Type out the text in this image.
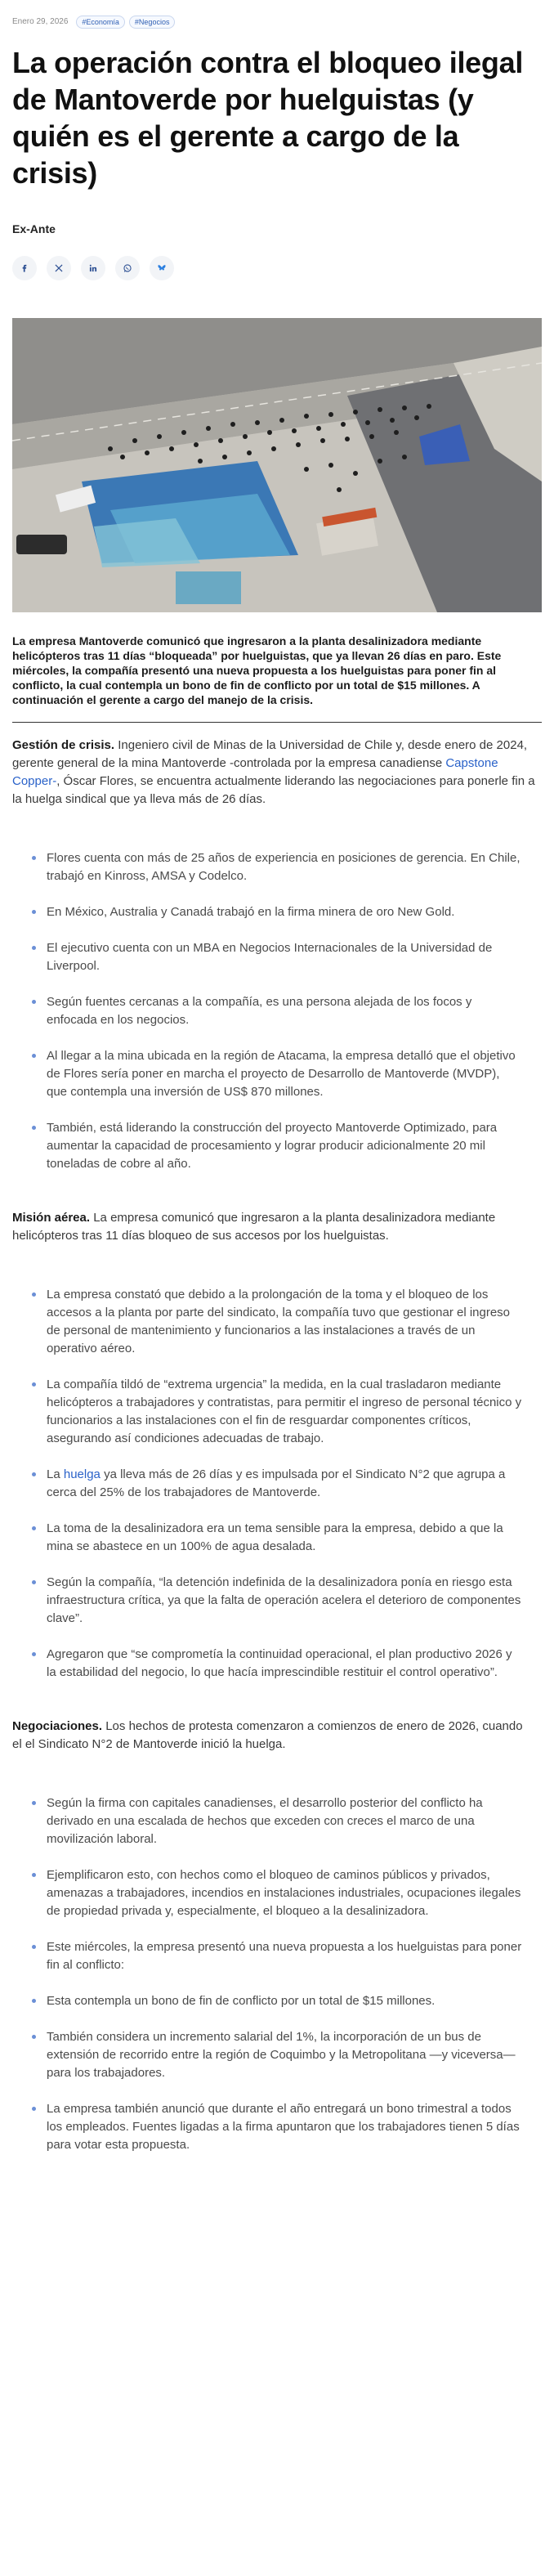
Enero 29, 2026	#Economía	#Negocios
La operación contra el bloqueo ilegal de Mantoverde por huelguistas (y quién es el gerente a cargo de la crisis)
Ex-Ante

La empresa Mantoverde comunicó que ingresaron a la planta desalinizadora mediante helicópteros tras 11 días “bloqueada” por huelguistas, que ya llevan 26 días en paro. Este miércoles, la compañía presentó una nueva propuesta a los huelguistas para poner fin al conflicto, la cual contempla un bono de fin de conflicto por un total de $15 millones. A continuación el gerente a cargo del manejo de la crisis.

Gestión de crisis. Ingeniero civil de Minas de la Universidad de Chile y, desde enero de 2024, gerente general de la mina Mantoverde -controlada por la empresa canadiense Capstone Copper-, Óscar Flores, se encuentra actualmente liderando las negociaciones para ponerle fin a la huelga sindical que ya lleva más de 26 días.

Flores cuenta con más de 25 años de experiencia en posiciones de gerencia. En Chile, trabajó en Kinross, AMSA y Codelco.
En México, Australia y Canadá trabajó en la firma minera de oro New Gold.
El ejecutivo cuenta con un MBA en Negocios Internacionales de la Universidad de Liverpool.
Según fuentes cercanas a la compañía, es una persona alejada de los focos y enfocada en los negocios.
Al llegar a la mina ubicada en la región de Atacama, la empresa detalló que el objetivo de Flores sería poner en marcha el proyecto de Desarrollo de Mantoverde (MVDP), que contempla una inversión de US$ 870 millones.
También, está liderando la construcción del proyecto Mantoverde Optimizado, para aumentar la capacidad de procesamiento y lograr producir adicionalmente 20 mil toneladas de cobre al año.

Misión aérea. La empresa comunicó que ingresaron a la planta desalinizadora mediante helicópteros tras 11 días bloqueo de sus accesos por los huelguistas.

La empresa constató que debido a la prolongación de la toma y el bloqueo de los accesos a la planta por parte del sindicato, la compañía tuvo que gestionar el ingreso de personal de mantenimiento y funcionarios a las instalaciones a través de un operativo aéreo.
La compañía tildó de “extrema urgencia” la medida, en la cual trasladaron mediante helicópteros a trabajadores y contratistas, para permitir el ingreso de personal técnico y funcionarios a las instalaciones con el fin de resguardar componentes críticos, asegurando así condiciones adecuadas de trabajo.
La huelga ya lleva más de 26 días y es impulsada por el Sindicato N°2 que agrupa a cerca del 25% de los trabajadores de Mantoverde.
La toma de la desalinizadora era un tema sensible para la empresa, debido a que la mina se abastece en un 100% de agua desalada.
Según la compañía, “la detención indefinida de la desalinizadora ponía en riesgo esta infraestructura crítica, ya que la falta de operación acelera el deterioro de componentes clave”.
Agregaron que “se comprometía la continuidad operacional, el plan productivo 2026 y la estabilidad del negocio, lo que hacía imprescindible restituir el control operativo”.

Negociaciones. Los hechos de protesta comenzaron a comienzos de enero de 2026, cuando el el Sindicato N°2 de Mantoverde inició la huelga.

Según la firma con capitales canadienses, el desarrollo posterior del conflicto ha derivado en una escalada de hechos que exceden con creces el marco de una movilización laboral.
Ejemplificaron esto, con hechos como el bloqueo de caminos públicos y privados, amenazas a trabajadores, incendios en instalaciones industriales, ocupaciones ilegales de propiedad privada y, especialmente, el bloqueo a la desalinizadora.
Este miércoles, la empresa presentó una nueva propuesta a los huelguistas para poner fin al conflicto:
Esta contempla un bono de fin de conflicto por un total de $15 millones.
También considera un incremento salarial del 1%, la incorporación de un bus de extensión de recorrido entre la región de Coquimbo y la Metropolitana —y viceversa— para los trabajadores.
La empresa también anunció que durante el año entregará un bono trimestral a todos los empleados. Fuentes ligadas a la firma apuntaron que los trabajadores tienen 5 días para votar esta propuesta.
